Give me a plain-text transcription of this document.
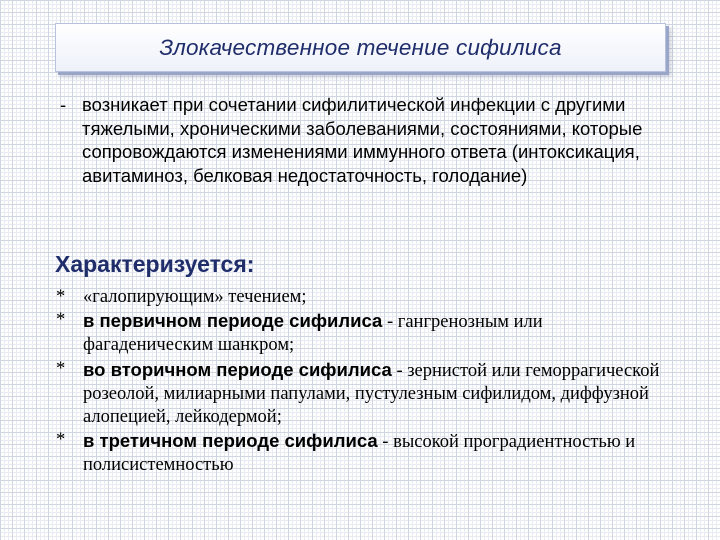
Злокачественное течение сифилиса
- возникает при сочетании сифилитической инфекции с другими тяжелыми, хроническими заболеваниями, состояниями, которые сопровождаются изменениями иммунного ответа (интоксикация, авитаминоз, белковая недостаточность, голодание)
Характеризуется:
* «галопирующим» течением;
* в первичном периоде сифилиса - гангренозным или фагаденическим шанкром;
* во вторичном периоде сифилиса - зернистой или геморрагической розеолой, милиарными папулами, пустулезным сифилидом, диффузной алопецией, лейкодермой;
* в третичном периоде сифилиса - высокой проградиентностью и полисистемностью
